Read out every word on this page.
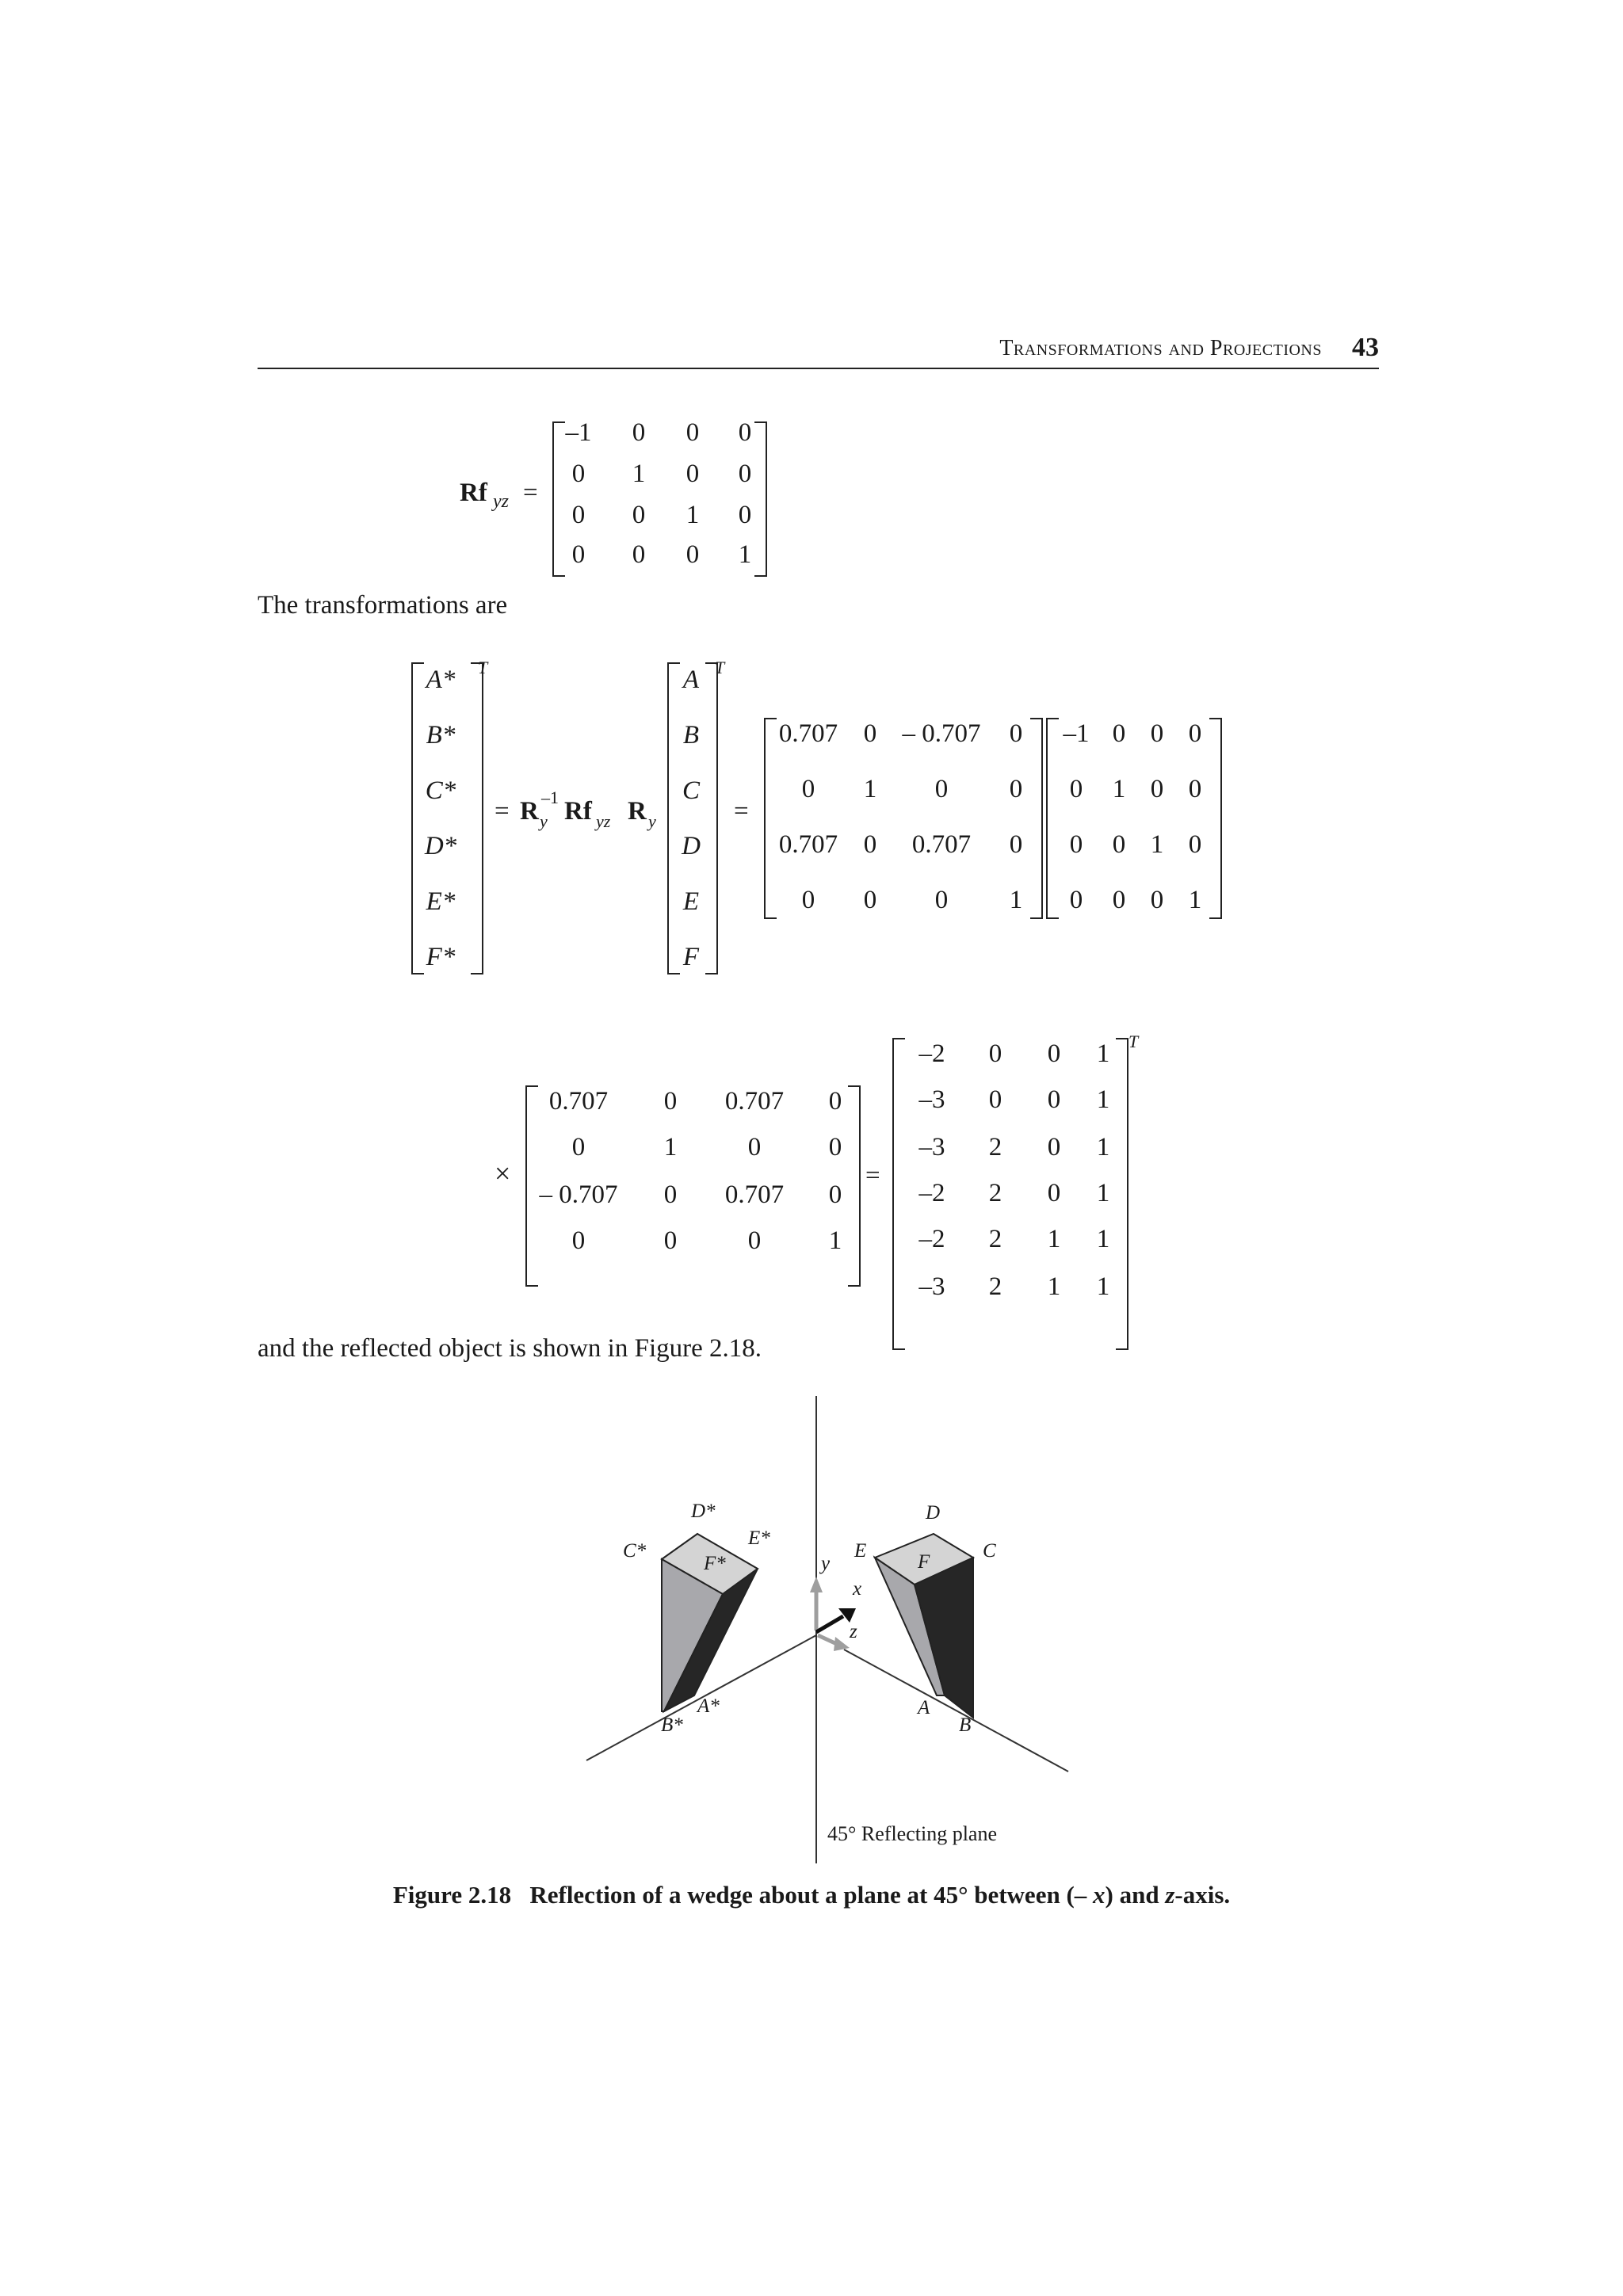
Transformations and Projections 43
Rf yz =
–1 0 0 0
0 1 0 0
0 0 1 0
0 0 0 1
The transformations are
T
A*
B*
C*
D*
E*
F*
= R y
–1 Rf yz R y
T
A
B
C
D
E
F
=
0.707 0 – 0.707 0
0 1 0 0
0.707 0 0.707 0
0 0 0 1
–1 0 0 0
0 1 0 0
0 0 1 0
0 0 0 1
×
0.707 0 0.707 0
0	1	0	0
– 0.707 0 0.707 0
0	0	0	1
=
T
–2 0 0 1
–3 0 0 1
–3 2 0 1
–2 2 0 1
–2 2 1 1
–3 2 1 1
and the reflected object is shown in Figure 2.18.
D*
C*
F*
E*
A*
B*
D
E
F
C
A
B
y
x
z
45° Reflecting plane
Figure 2.18 Reflection of a wedge about a plane at 45° between (– x) and z-axis.
